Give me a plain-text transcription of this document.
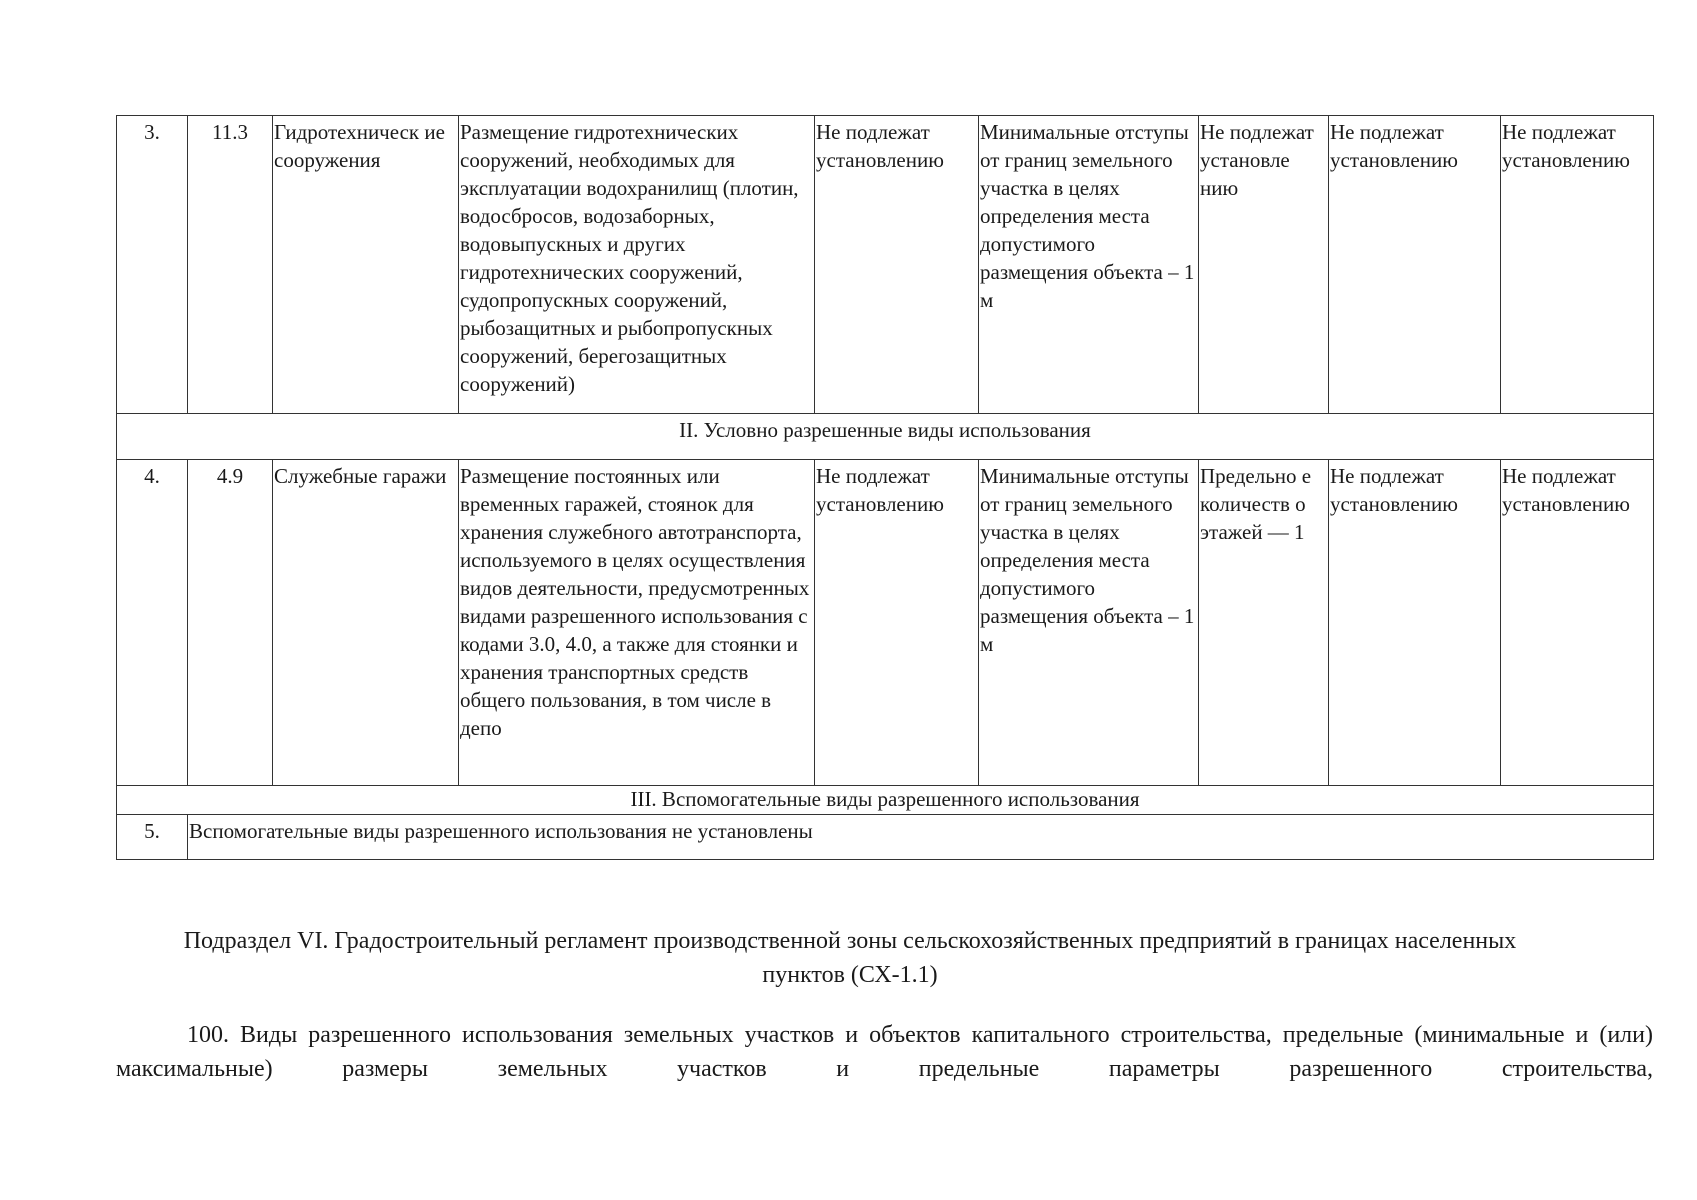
3.	11.3	Гидротехническ ие сооружения	Размещение гидротехнических сооружений, необходимых для эксплуатации водохранилищ (плотин, водосбросов, водозаборных, водовыпускных и других гидротехнических сооружений, судопропускных сооружений, рыбозащитных и рыбопропускных сооружений, берегозащитных сооружений)	Не подлежат установлению	Минимальные отступы от границ земельного участка в целях определения места допустимого размещения объекта – 1 м	Не подлежат установле нию	Не подлежат установлению	Не подлежат установлению
II. Условно разрешенные виды использования								
4.	4.9	Служебные гаражи	Размещение постоянных или временных гаражей, стоянок для хранения служебного автотранспорта, используемого в целях осуществления видов деятельности, предусмотренных видами разрешенного использования с кодами 3.0, 4.0, а также для стоянки и хранения транспортных средств общего пользования, в том числе в депо	Не подлежат установлению	Минимальные отступы от границ земельного участка в целях определения места допустимого размещения объекта – 1 м	Предельно е количеств о этажей — 1	Не подлежат установлению	Не подлежат установлению
III. Вспомогательные виды разрешенного использования								
5.	Вспомогательные виды разрешенного использования не установлены							
Подраздел VI. Градостроительный регламент производственной зоны сельскохозяйственных предприятий в границах населенных пунктов (СХ-1.1)
100. Виды разрешенного использования земельных участков и объектов капитального строительства, предельные (минимальные и (или) максимальные) размеры земельных участков и предельные параметры разрешенного строительства,
